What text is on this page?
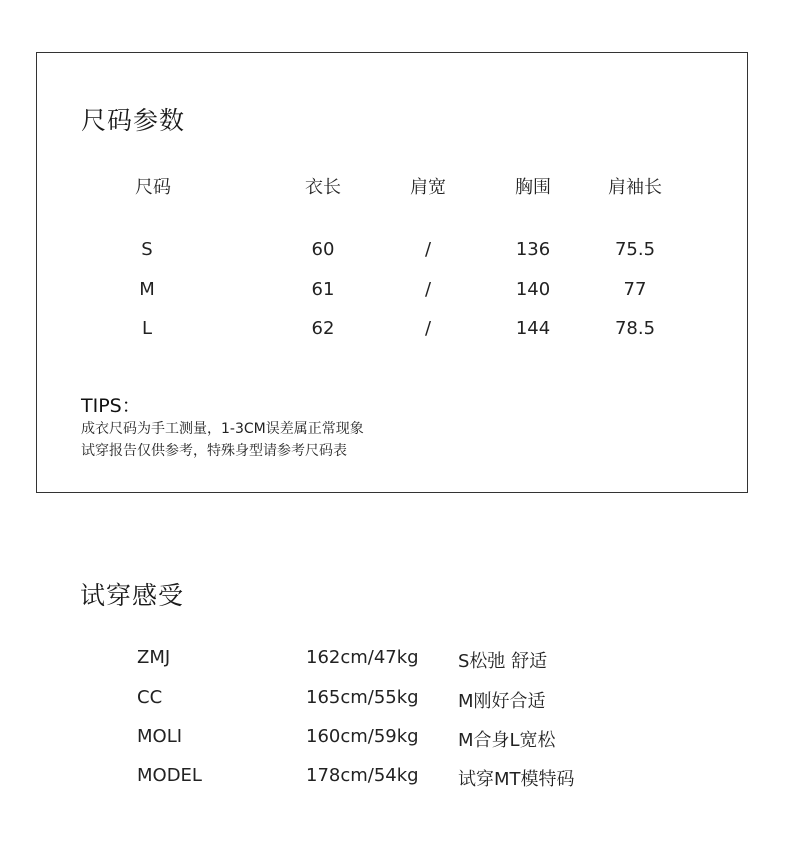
尺码参数
尺码	衣长	肩宽	胸围	肩袖长
S	60	/	136	75.5
M	61	/	140	77
L	62	/	144	78.5
TIPS：
成衣尺码为手工测量，1-3CM误差属正常现象
试穿报告仅供参考，特殊身型请参考尺码表
试穿感受
ZMJ	162cm/47kg S松弛 舒适
CC	165cm/55kg M刚好合适
MOLI	160cm/59kg M合身L宽松
MODEL	178cm/54kg 试穿MT模特码
